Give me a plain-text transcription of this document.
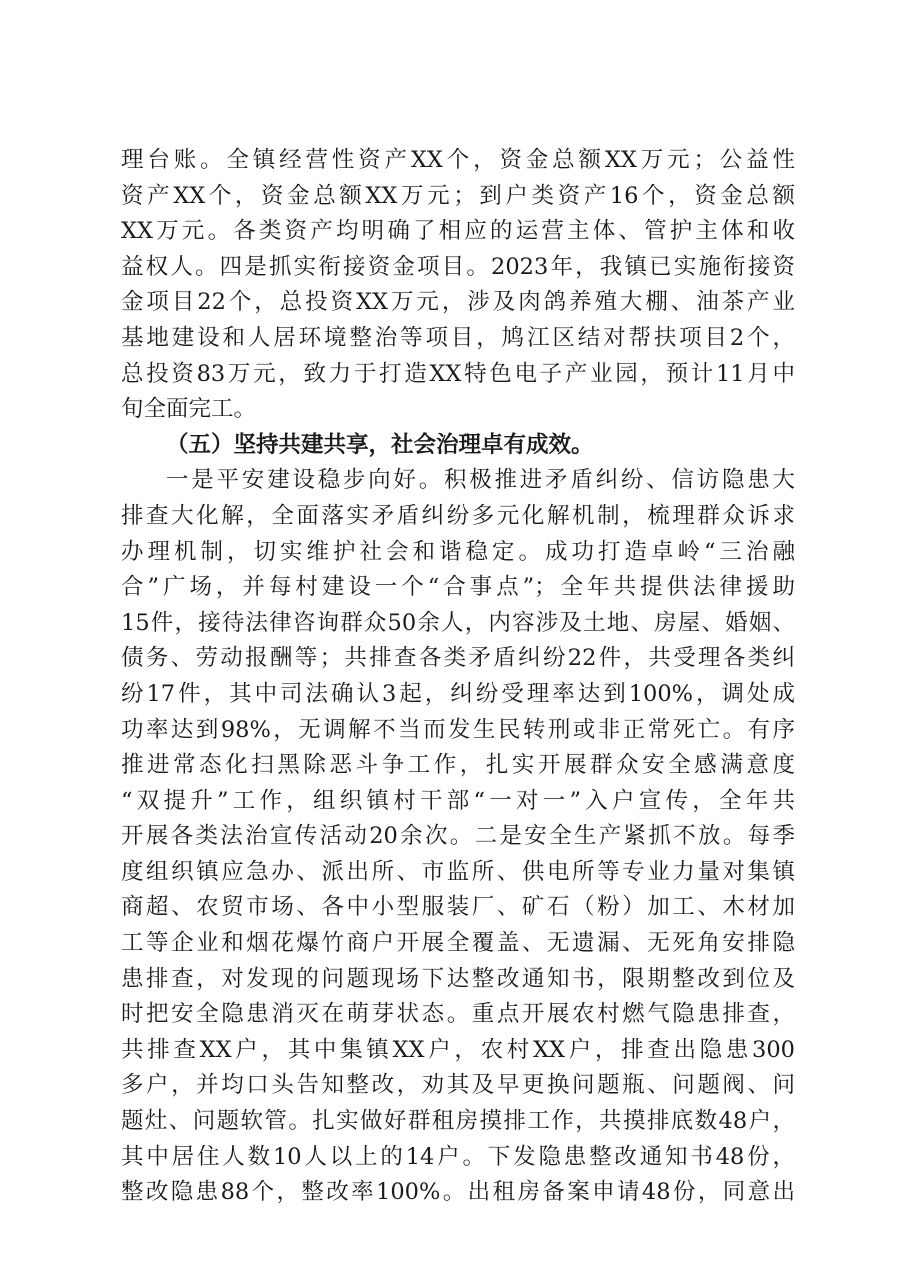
理台账。全镇经营性资产XX个，资金总额XX万元；公益性
资产XX个，资金总额XX万元；到户类资产16个，资金总额
XX万元。各类资产均明确了相应的运营主体、管护主体和收
益权人。四是抓实衔接资金项目。2023年，我镇已实施衔接资
金项目22个，总投资XX万元，涉及肉鸽养殖大棚、油茶产业
基地建设和人居环境整治等项目，鸠江区结对帮扶项目2个，
总投资83万元，致力于打造XX特色电子产业园，预计11月中
旬全面完工。
（五）坚持共建共享，社会治理卓有成效。
一是平安建设稳步向好。积极推进矛盾纠纷、信访隐患大
排查大化解，全面落实矛盾纠纷多元化解机制，梳理群众诉求
办理机制，切实维护社会和谐稳定。成功打造卓岭“三治融
合”广场，并每村建设一个“合事点”；全年共提供法律援助
15件，接待法律咨询群众50余人，内容涉及土地、房屋、婚姻、
债务、劳动报酬等；共排查各类矛盾纠纷22件，共受理各类纠
纷17件，其中司法确认3起，纠纷受理率达到100%，调处成
功率达到98%，无调解不当而发生民转刑或非正常死亡。有序
推进常态化扫黑除恶斗争工作，扎实开展群众安全感满意度
“双提升”工作，组织镇村干部“一对一”入户宣传，全年共
开展各类法治宣传活动20余次。二是安全生产紧抓不放。每季
度组织镇应急办、派出所、市监所、供电所等专业力量对集镇
商超、农贸市场、各中小型服装厂、矿石（粉）加工、木材加
工等企业和烟花爆竹商户开展全覆盖、无遗漏、无死角安排隐
患排查，对发现的问题现场下达整改通知书，限期整改到位及
时把安全隐患消灭在萌芽状态。重点开展农村燃气隐患排查，
共排查XX户，其中集镇XX户，农村XX户，排查出隐患300
多户，并均口头告知整改，劝其及早更换问题瓶、问题阀、问
题灶、问题软管。扎实做好群租房摸排工作，共摸排底数48户，
其中居住人数10人以上的14户。下发隐患整改通知书48份，
整改隐患88个，整改率100%。出租房备案申请48份，同意出
